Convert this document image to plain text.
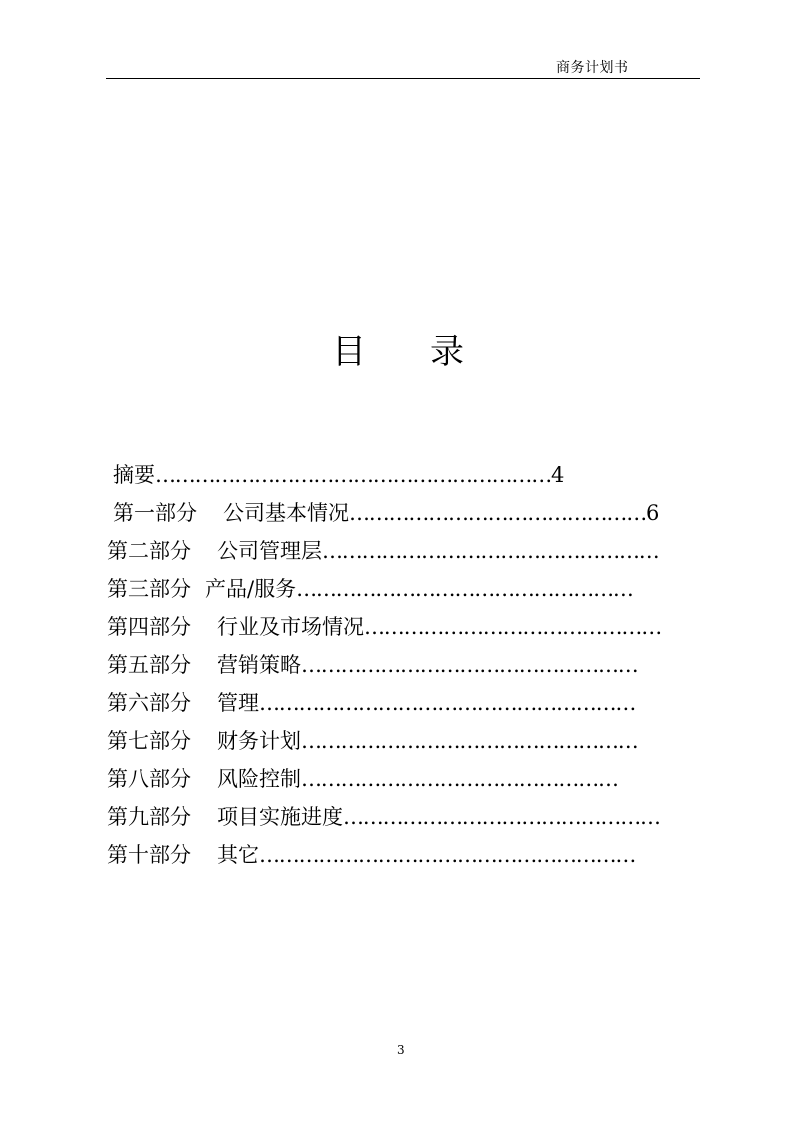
商务计划书
目 录
摘要……………………………………………………4
第一部分 公司基本情况………………………………………6
第二部分 公司管理层……………………………………………
第三部分 产品/服务……………………………………………
第四部分 行业及市场情况………………………………………
第五部分 营销策略……………………………………………
第六部分 管理…………………………………………………
第七部分 财务计划……………………………………………
第八部分 风险控制…………………………………………
第九部分 项目实施进度…………………………………………
第十部分 其它…………………………………………………
3
